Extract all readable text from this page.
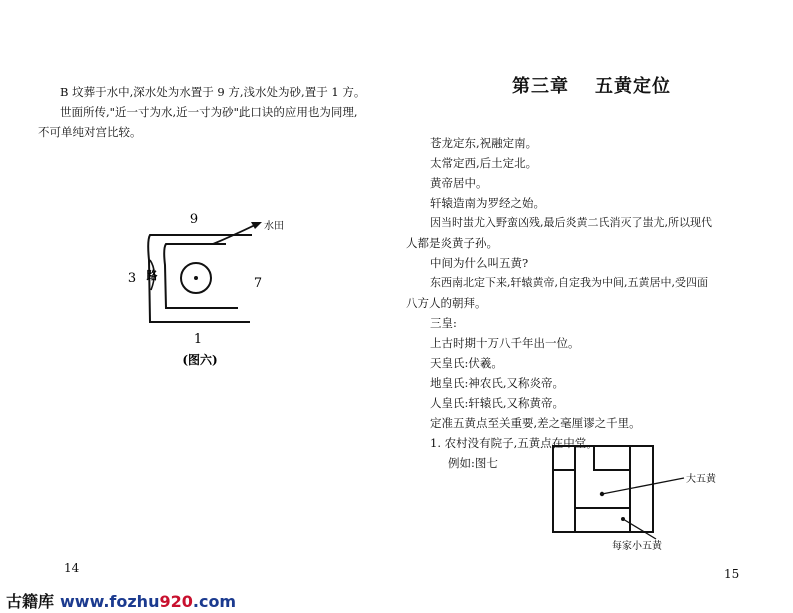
B 坟葬于水中,深水处为水置于 9 方,浅水处为砂,置于 1 方。

世面所传,"近一寸为水,近一寸为砂"此口诀的应用也为同理,

不可单纯对宫比较。

9
3	7
1
路
水田
(图六)
14
第三章 五黄定位

苍龙定东,祝融定南。

太常定西,后土定北。

黄帝居中。

轩辕造南为罗经之始。

因当时蚩尤入野蛮凶残,最后炎黄二氏消灭了蚩尤,所以现代

人都是炎黄子孙。

中间为什么叫五黄?

东西南北定下来,轩辕黄帝,自定我为中间,五黄居中,受四面

八方人的朝拜。

三皇:

上古时期十万八千年出一位。

天皇氏:伏羲。

地皇氏:神农氏,又称炎帝。

人皇氏:轩辕氏,又称黄帝。

定准五黄点至关重要,差之毫厘谬之千里。

1. 农村没有院子,五黄点在中堂。

例如:图七

大五黄
每家小五黄
15
古籍库 www.fozhu920.com
